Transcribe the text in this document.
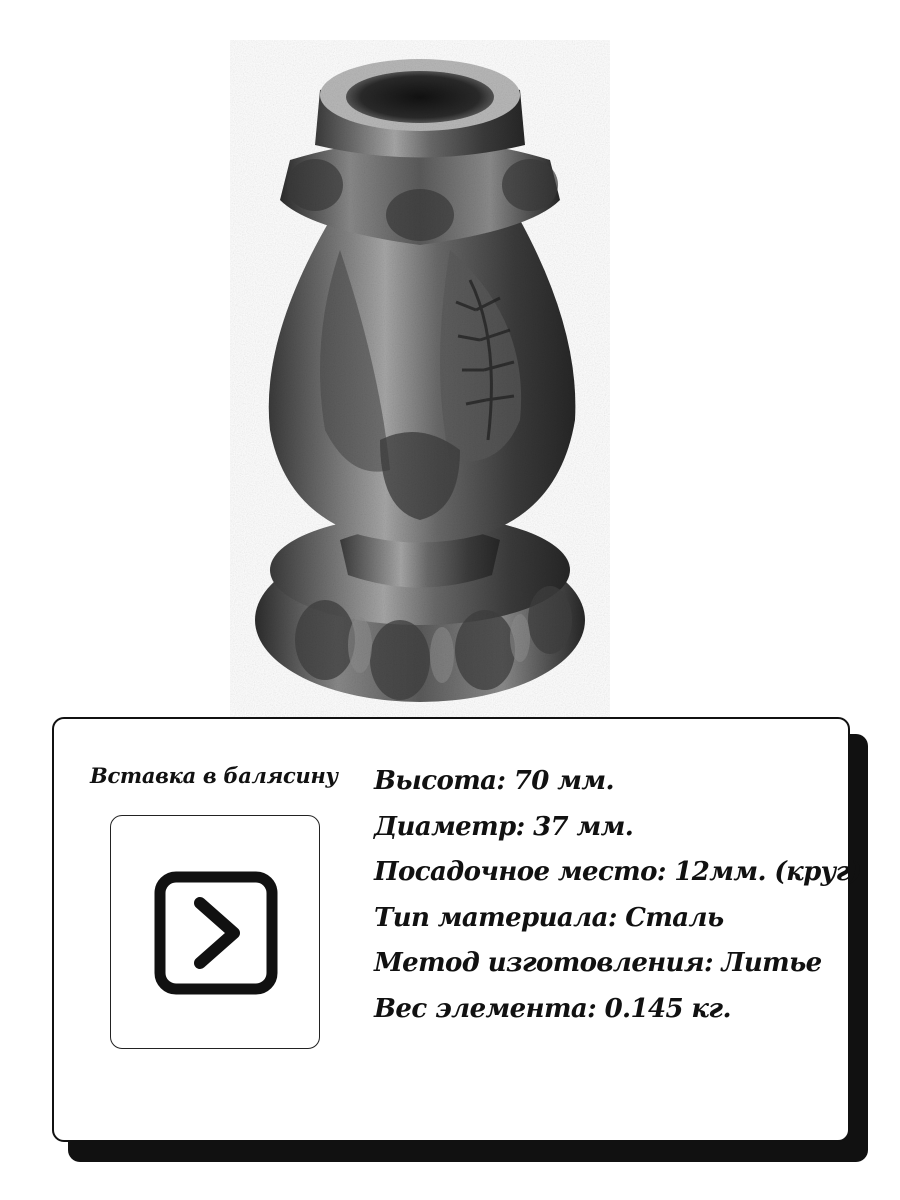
Вставка в балясину	Высота: 70 мм.
Диаметр: 37 мм.
Посадочное место: 12мм. (круг)
Тип материала: Сталь
Метод изготовления: Литье
Вес элемента: 0.145 кг.
